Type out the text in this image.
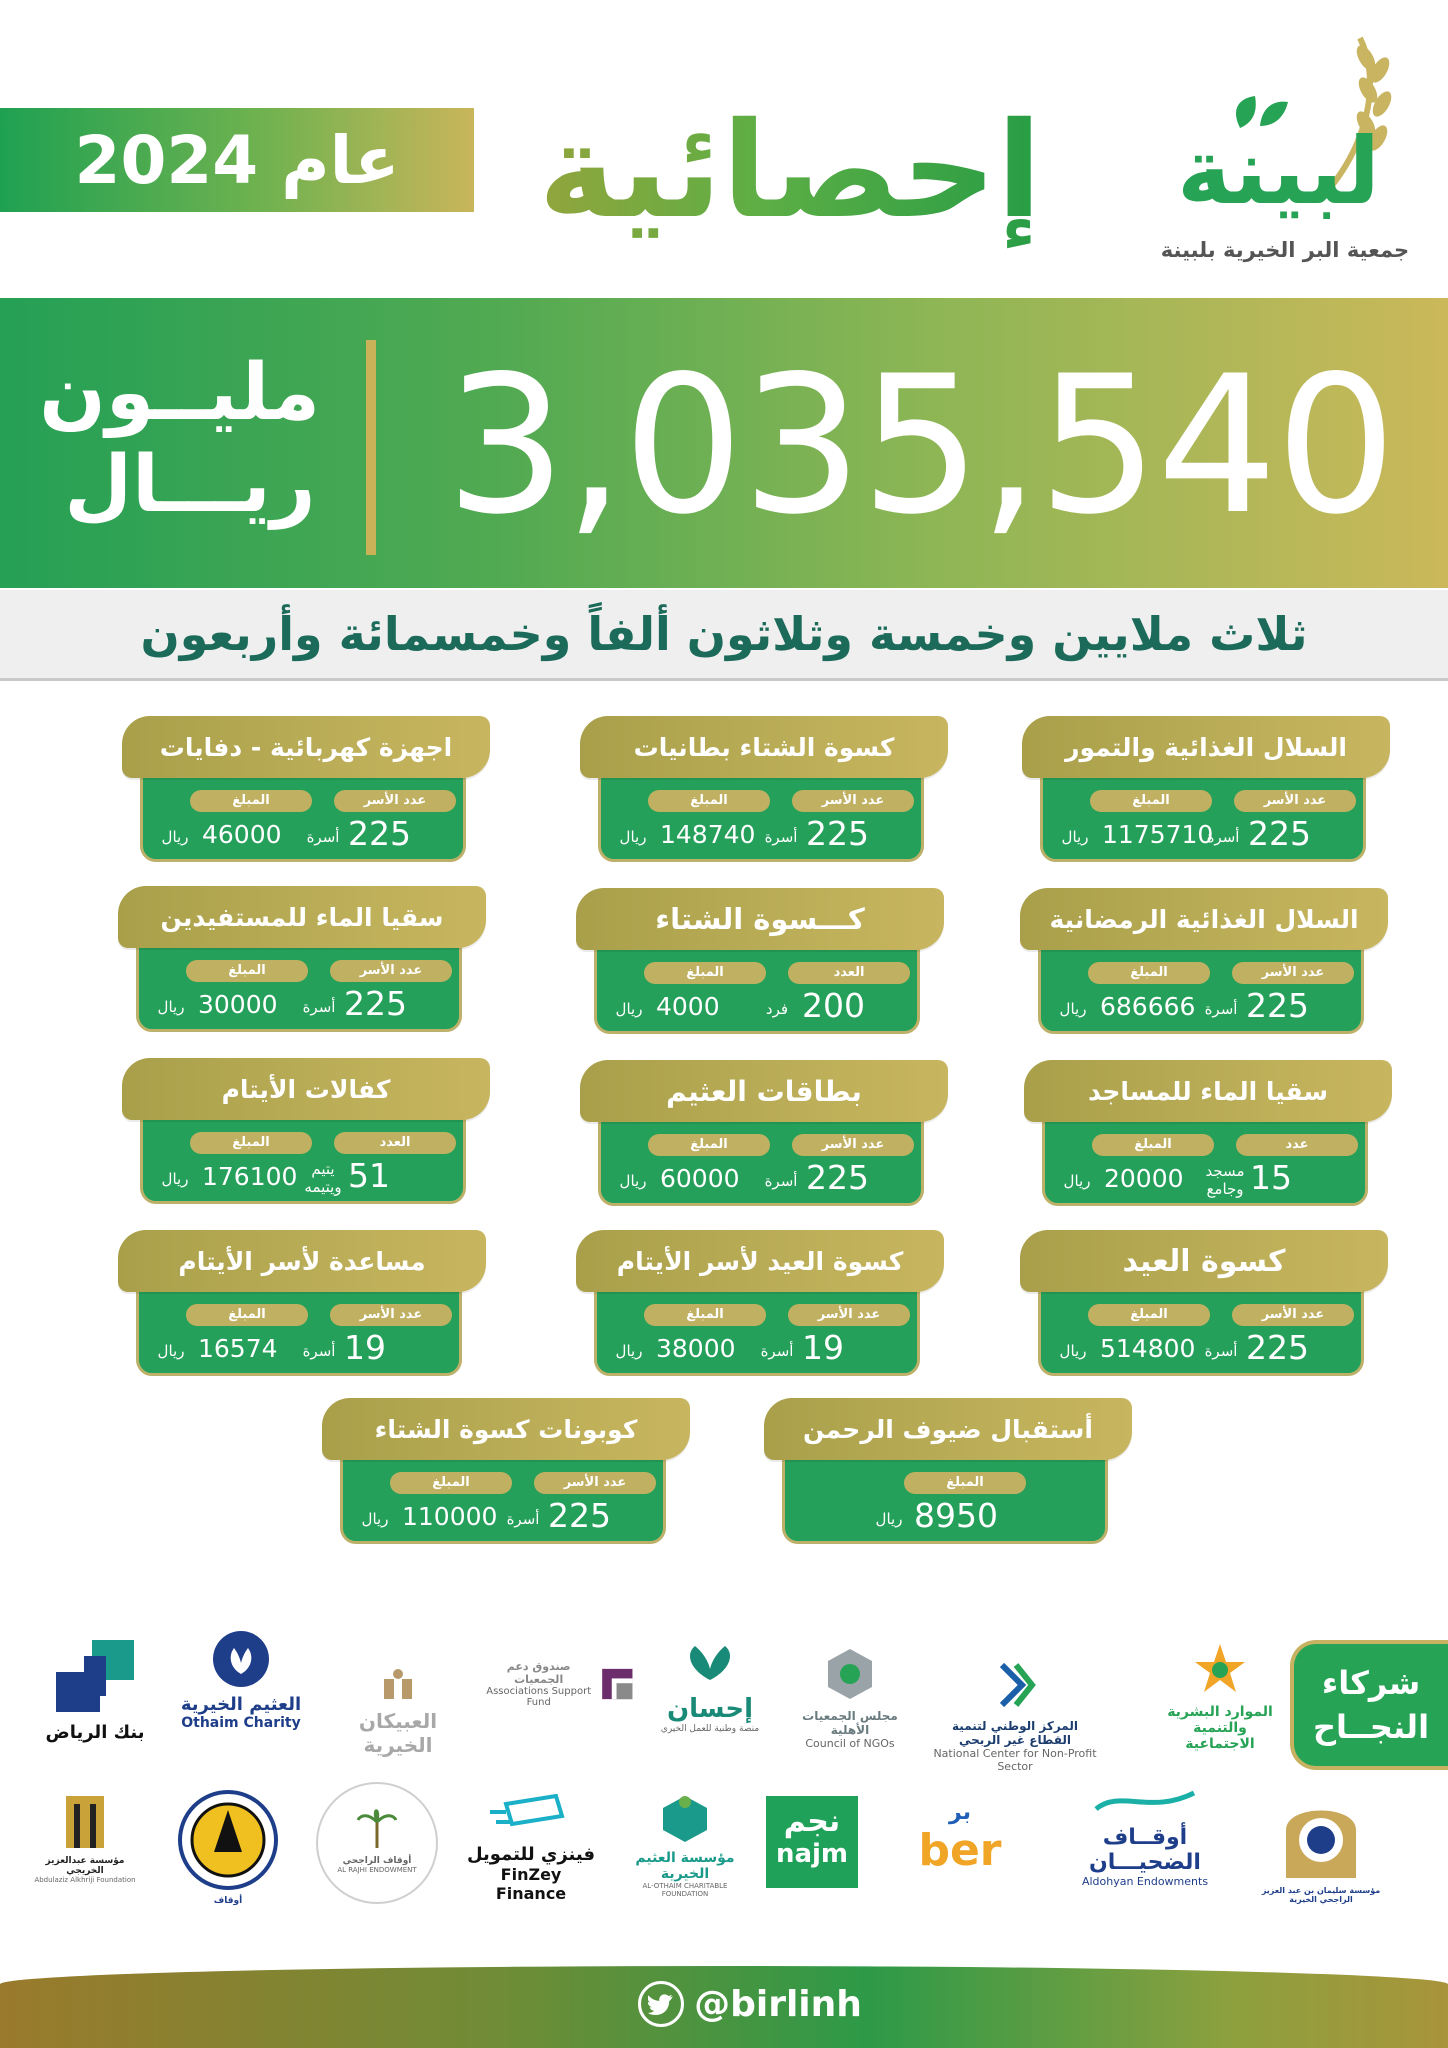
عام 2024	إحصائية	لبينة
جمعية البر الخيرية بلبينة
3,035,540
مليــون
ريـــال
ثلاث ملايين وخمسة وثلاثون ألفاً وخمسمائة وأربعون
السلال الغذائية والتمور
عدد الأسر
المبلغ
225
أسرة
1175710
ريال
كسوة الشتاء بطانيات
عدد الأسر
المبلغ
225
أسرة
148740
ريال
اجهزة كهربائية - دفايات
عدد الأسر
المبلغ
225
أسرة
46000
ريال
السلال الغذائية الرمضانية
عدد الأسر
المبلغ
225
أسرة
686666
ريال
كـــسوة الشتاء
العدد
المبلغ
200
فرد
4000
ريال
سقيا الماء للمستفيدين
عدد الأسر
المبلغ
225
أسرة
30000
ريال
سقيا الماء للمساجد
عدد
المبلغ
15
مسجد وجامع
20000
ريال
بطاقات العثيم
عدد الأسر
المبلغ
225
أسرة
60000
ريال
كفالات الأيتام
العدد
المبلغ
51
يتيم ويتيمه
176100
ريال
كسوة العيد
عدد الأسر
المبلغ
225
أسرة
514800
ريال
كسوة العيد لأسر الأيتام
عدد الأسر
المبلغ
19
أسرة
38000
ريال
مساعدة لأسر الأيتام
عدد الأسر
المبلغ
19
أسرة
16574
ريال
أستقبال ضيوف الرحمن
المبلغ
8950
ريال
كوبونات كسوة الشتاء
عدد الأسر
المبلغ
225
أسرة
110000
ريال
شركاء
النجــاح
الموارد البشرية والتنمية الاجتماعية
المركز الوطني لتنمية القطاع غير الربحي
National Center for Non-Profit Sector
مجلس الجمعيات الأهلية
Council of NGOs
إحسان
منصة وطنية للعمل الخيري
صندوق دعم الجمعيات
Associations Support Fund
العبيكان الخيرية
العثيم الخيرية
Othaim Charity
بنك الرياض
مؤسسة سليمان بن عبد العزيز الراجحي الخيرية
أوقــاف الضحيـــان
Aldohyan Endowments
بر
ber
نجم
najm
مؤسسة العثيم الخيرية
AL-OTHAIM CHARITABLE FOUNDATION
فينزي للتمويل
FinZey Finance
أوقاف الراجحي
AL RAJHI ENDOWMENT
أوقاف
مؤسسة عبدالعزيز الخريجي
Abdulaziz Alkhriji Foundation
@birlinh
